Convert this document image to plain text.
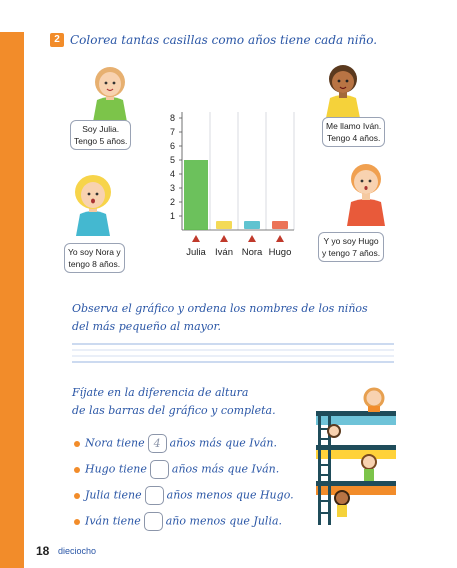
2 Colorea tantas casillas como años tiene cada niño.
Soy Julia.
Tengo 5 años.
Me llamo Iván.
Tengo 4 años.
Yo soy Nora y
tengo 8 años.
Y yo soy Hugo
y tengo 7 años.
1
2
3
4
5
6
7
8
Julia Iván Nora Hugo
Observa el gráfico y ordena los nombres de los niños
del más pequeño al mayor.
Fíjate en la diferencia de altura
de las barras del gráfico y completa.
Nora tiene 4 años más que Iván.
Hugo tiene años más que Iván.
Julia tiene años menos que Hugo.
Iván tiene año menos que Julia.
18 dieciocho
